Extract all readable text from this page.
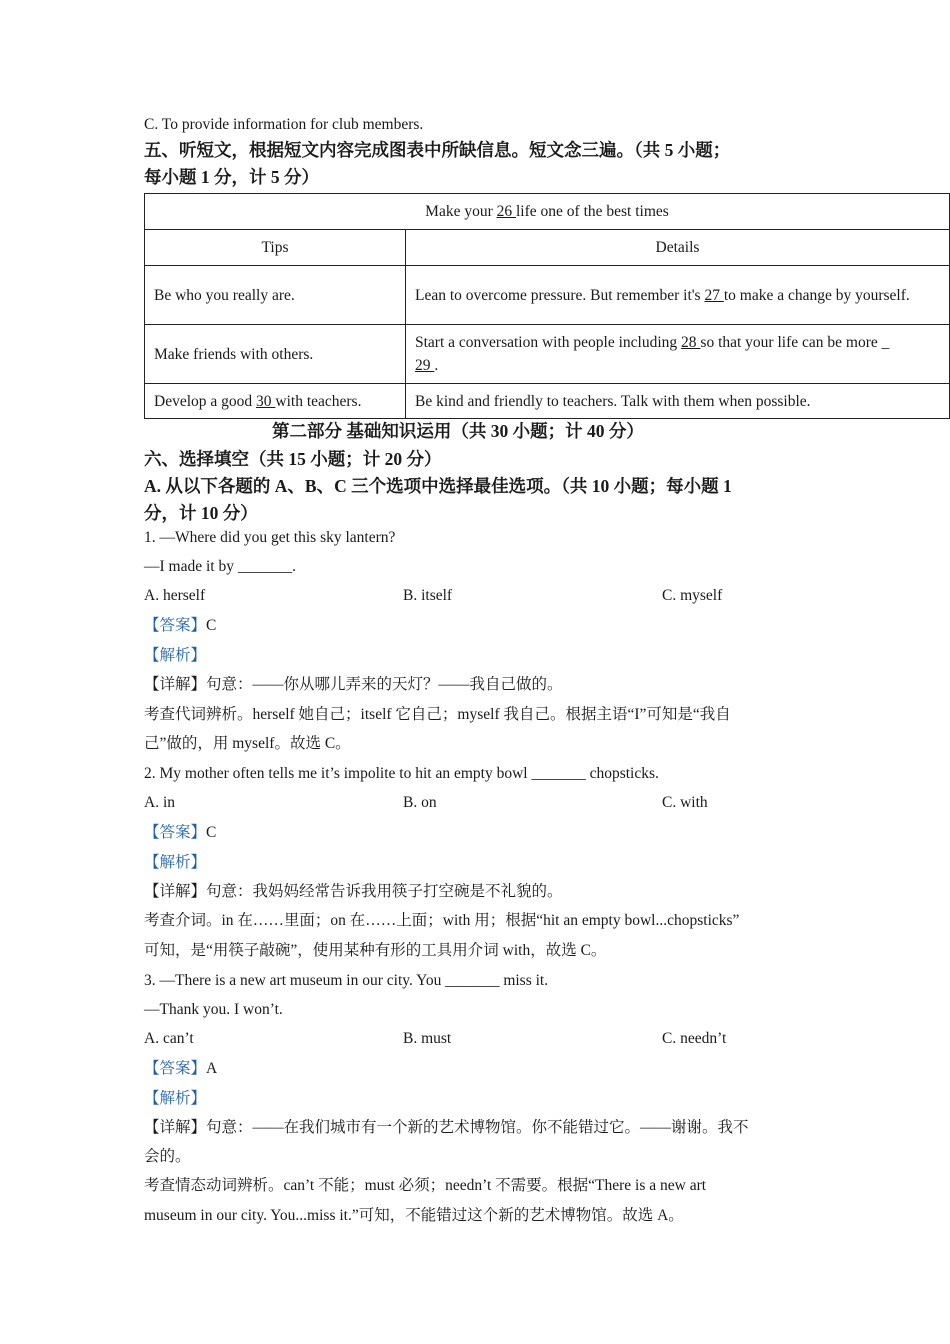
C. To provide information for club members.
五、听短文，根据短文内容完成图表中所缺信息。短文念三遍。（共 5 小题；
每小题 1 分，计 5 分）
Make your 26 life one of the best times	
Tips	Details
Be who you really are.	Lean to overcome pressure. But remember it's 27 to make a change by yourself.
Make friends with others.	Start a conversation with people including 28 so that your life can be more _
29 .
Develop a good 30 with teachers.	Be kind and friendly to teachers. Talk with them when possible.
第二部分 基础知识运用（共 30 小题；计 40 分）
六、选择填空（共 15 小题；计 20 分）
A. 从以下各题的 A、B、C 三个选项中选择最佳选项。（共 10 小题；每小题 1
分，计 10 分）
1. —Where did you get this sky lantern?
—I made it by _______.
A. herself	B. itself	C. myself
【答案】C
【解析】
【详解】句意：——你从哪儿弄来的天灯？——我自己做的。
考查代词辨析。herself 她自己；itself 它自己；myself 我自己。根据主语“I”可知是“我自
己”做的，用 myself。故选 C。
2. My mother often tells me it’s impolite to hit an empty bowl _______ chopsticks.
A. in	B. on	C. with
【答案】C
【解析】
【详解】句意：我妈妈经常告诉我用筷子打空碗是不礼貌的。
考查介词。in 在……里面；on 在……上面；with 用；根据“hit an empty bowl...chopsticks”
可知，是“用筷子敲碗”，使用某种有形的工具用介词 with，故选 C。
3. —There is a new art museum in our city. You _______ miss it.
—Thank you. I won’t.
A. can’t	B. must	C. needn’t
【答案】A
【解析】
【详解】句意：——在我们城市有一个新的艺术博物馆。你不能错过它。——谢谢。我不
会的。
考查情态动词辨析。can’t 不能；must 必须；needn’t 不需要。根据“There is a new art
museum in our city. You...miss it.”可知，不能错过这个新的艺术博物馆。故选 A。
